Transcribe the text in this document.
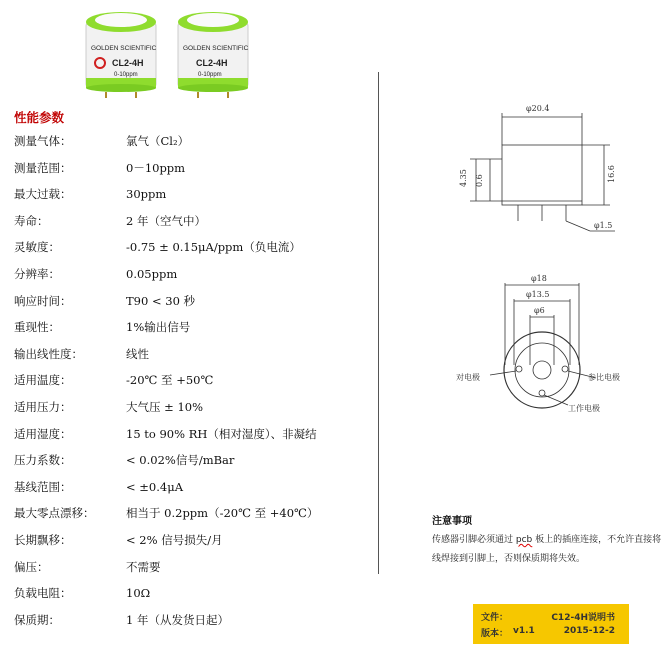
GOLDEN SCIENTIFIC
CL2-4H
0-10ppm
GOLDEN SCIENTIFIC
CL2-4H
0-10ppm
性能参数
测量气体：	氯气（Cl₂）
测量范围：	0－10ppm
最大过载：	30ppm
寿命：	2 年（空气中）
灵敏度：	-0.75 ± 0.15μA/ppm（负电流）
分辨率：	0.05ppm
响应时间：	T90 < 30 秒
重现性：	1%输出信号
输出线性度：	线性
适用温度：	-20℃ 至 +50℃
适用压力：	大气压 ± 10%
适用湿度：	15 to 90% RH（相对湿度）、非凝结
压力系数：	< 0.02%信号/mBar
基线范围：	< ±0.4μA
最大零点漂移：	相当于 0.2ppm（-20℃ 至 +40℃）
长期飘移：	< 2% 信号损失/月
偏压：	不需要
负载电阻：	10Ω
保质期：	1 年（从发货日起）
φ20.4
4.35 0.6	16.6
φ1.5
φ18
φ13.5
φ6
对电极	参比电极
工作电极
注意事项
传感器引脚必须通过 pcb 板上的插座连接，不允许直接将线焊接到引脚上，否则保质期将失效。
文件：	C12-4H说明书
版本： v1.1	2015-12-2
